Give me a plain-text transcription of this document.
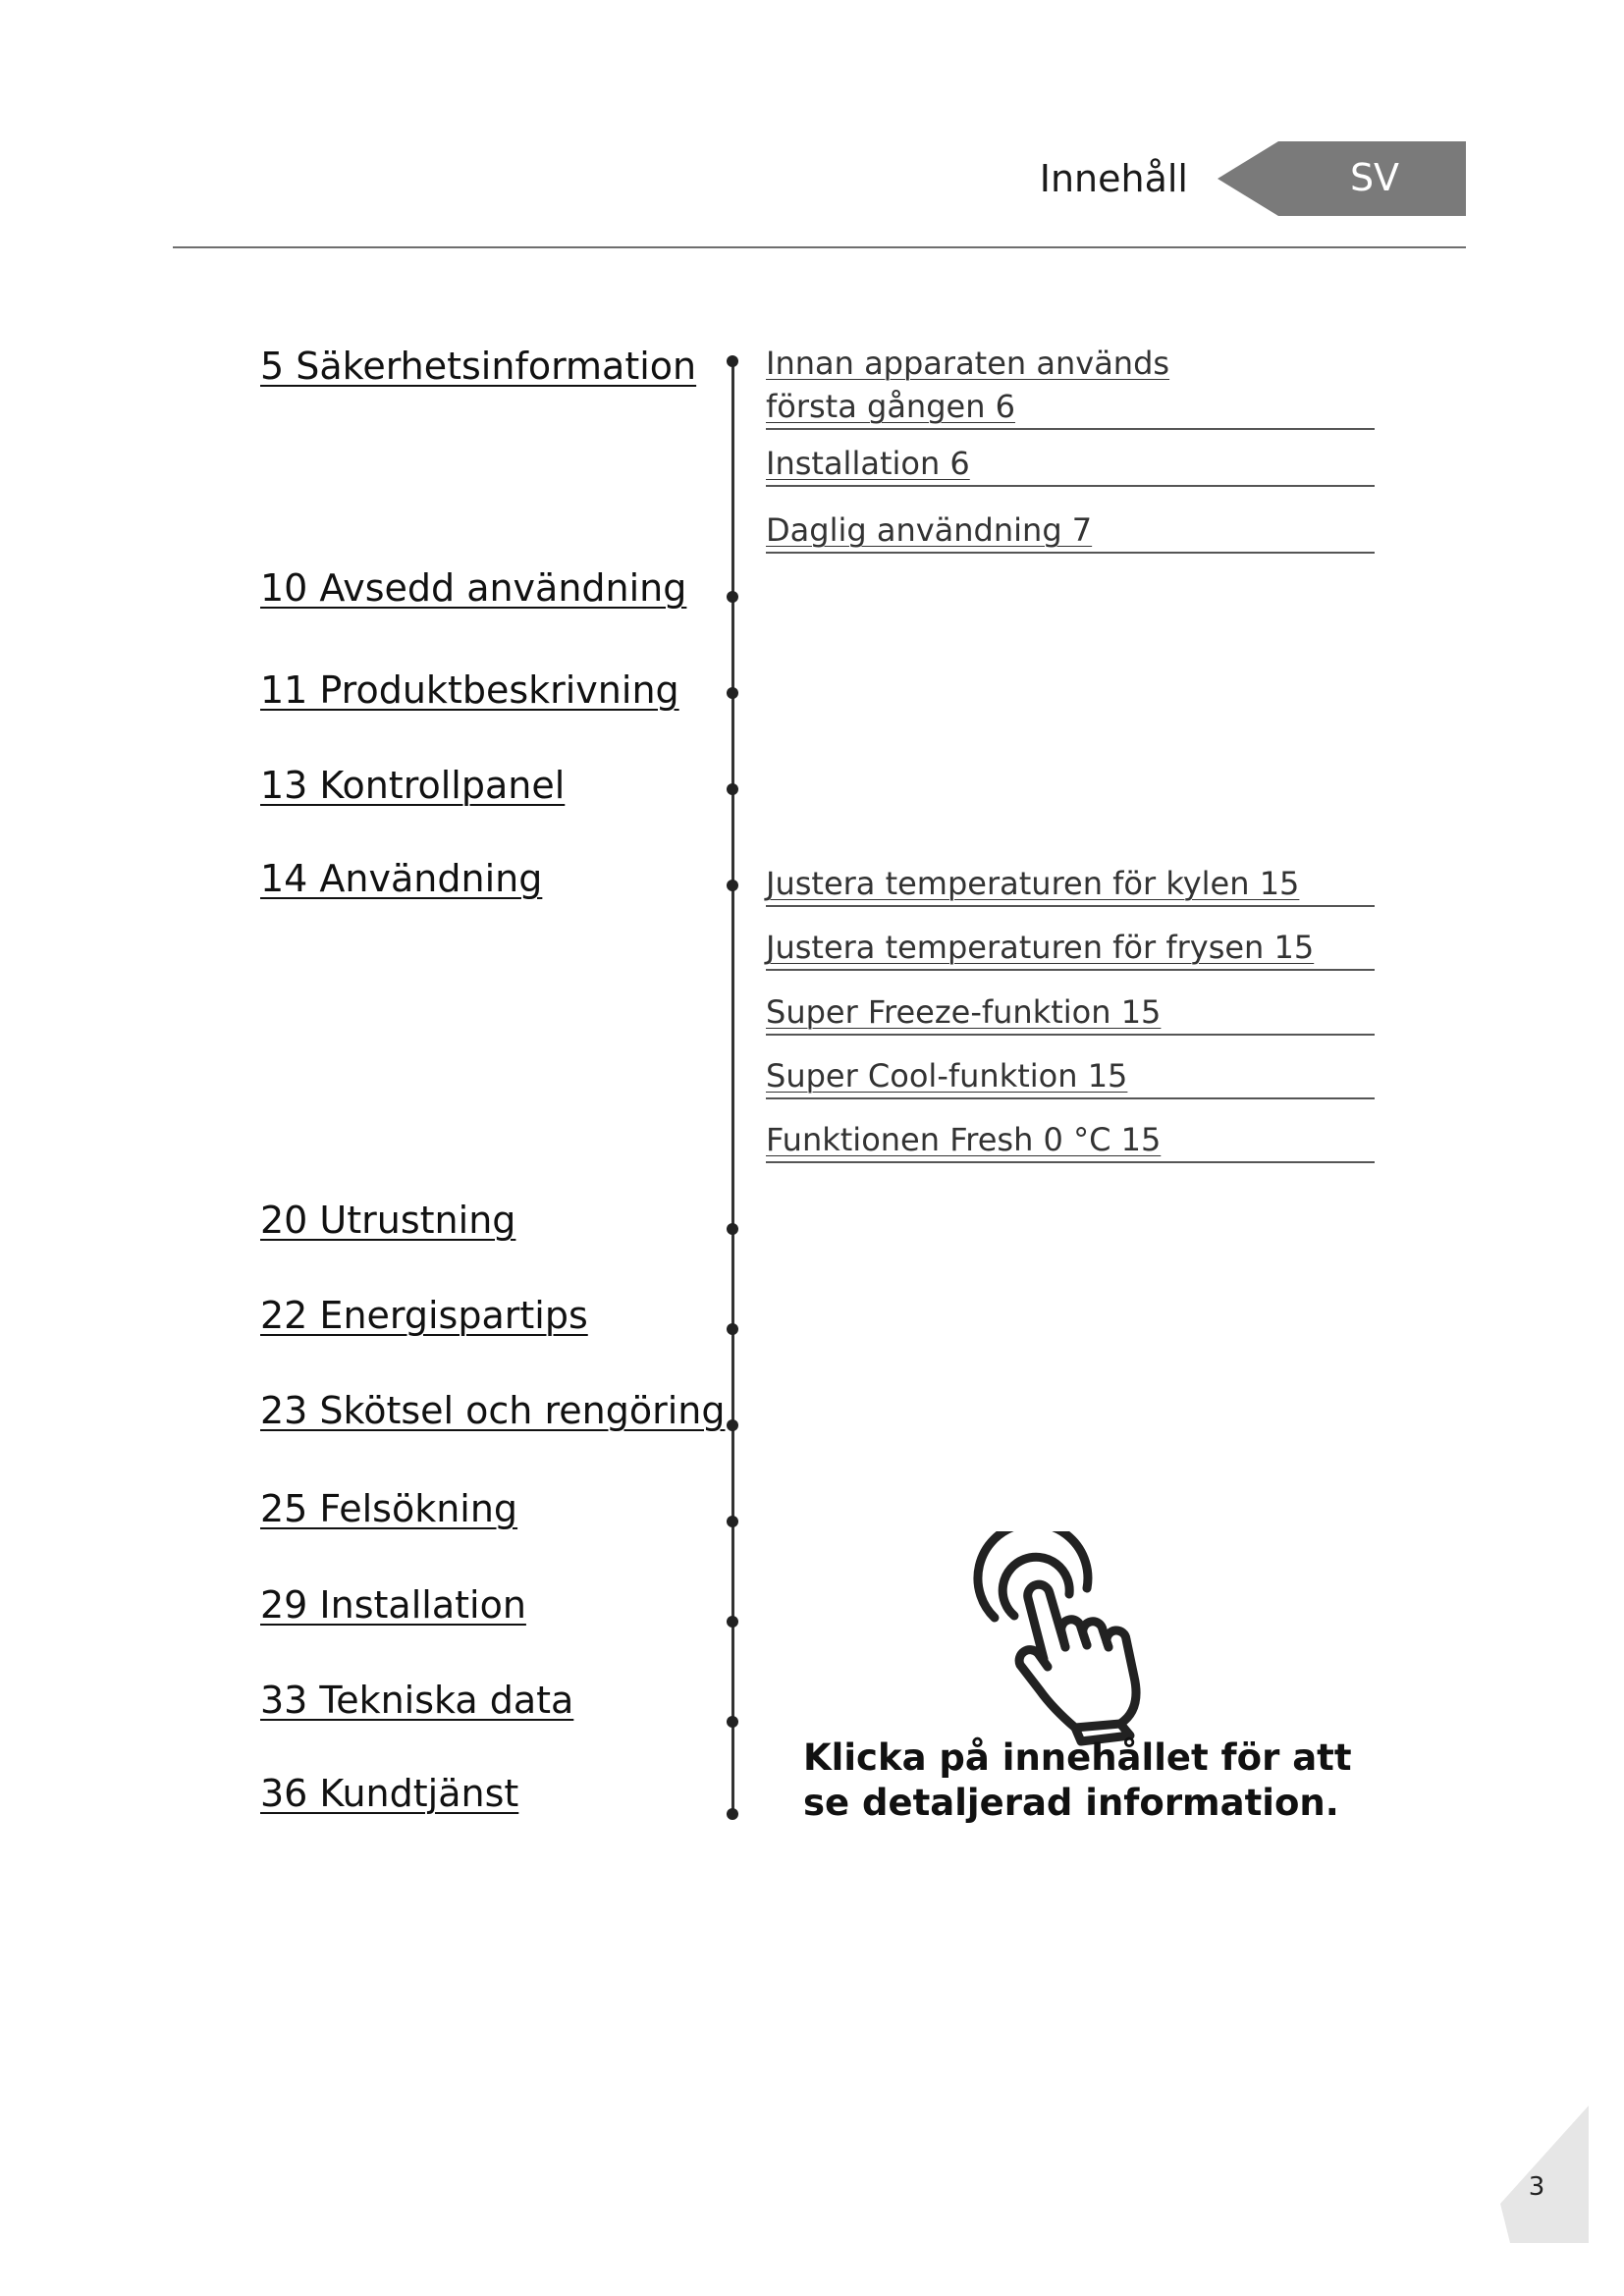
Innehåll	SV
5 Säkerhetsinformation
10 Avsedd användning
11 Produktbeskrivning
13 Kontrollpanel
14 Användning
20 Utrustning
22 Energispartips
23 Skötsel och rengöring
25 Felsökning
29 Installation
33 Tekniska data
36 Kundtjänst
Innan apparaten används
första gången 6
Installation 6
Daglig användning 7
Justera temperaturen för kylen 15
Justera temperaturen för frysen 15
Super Freeze-funktion 15
Super Cool-funktion 15
Funktionen Fresh 0 °C 15
Klicka på innehållet för att
se detaljerad information.
3
